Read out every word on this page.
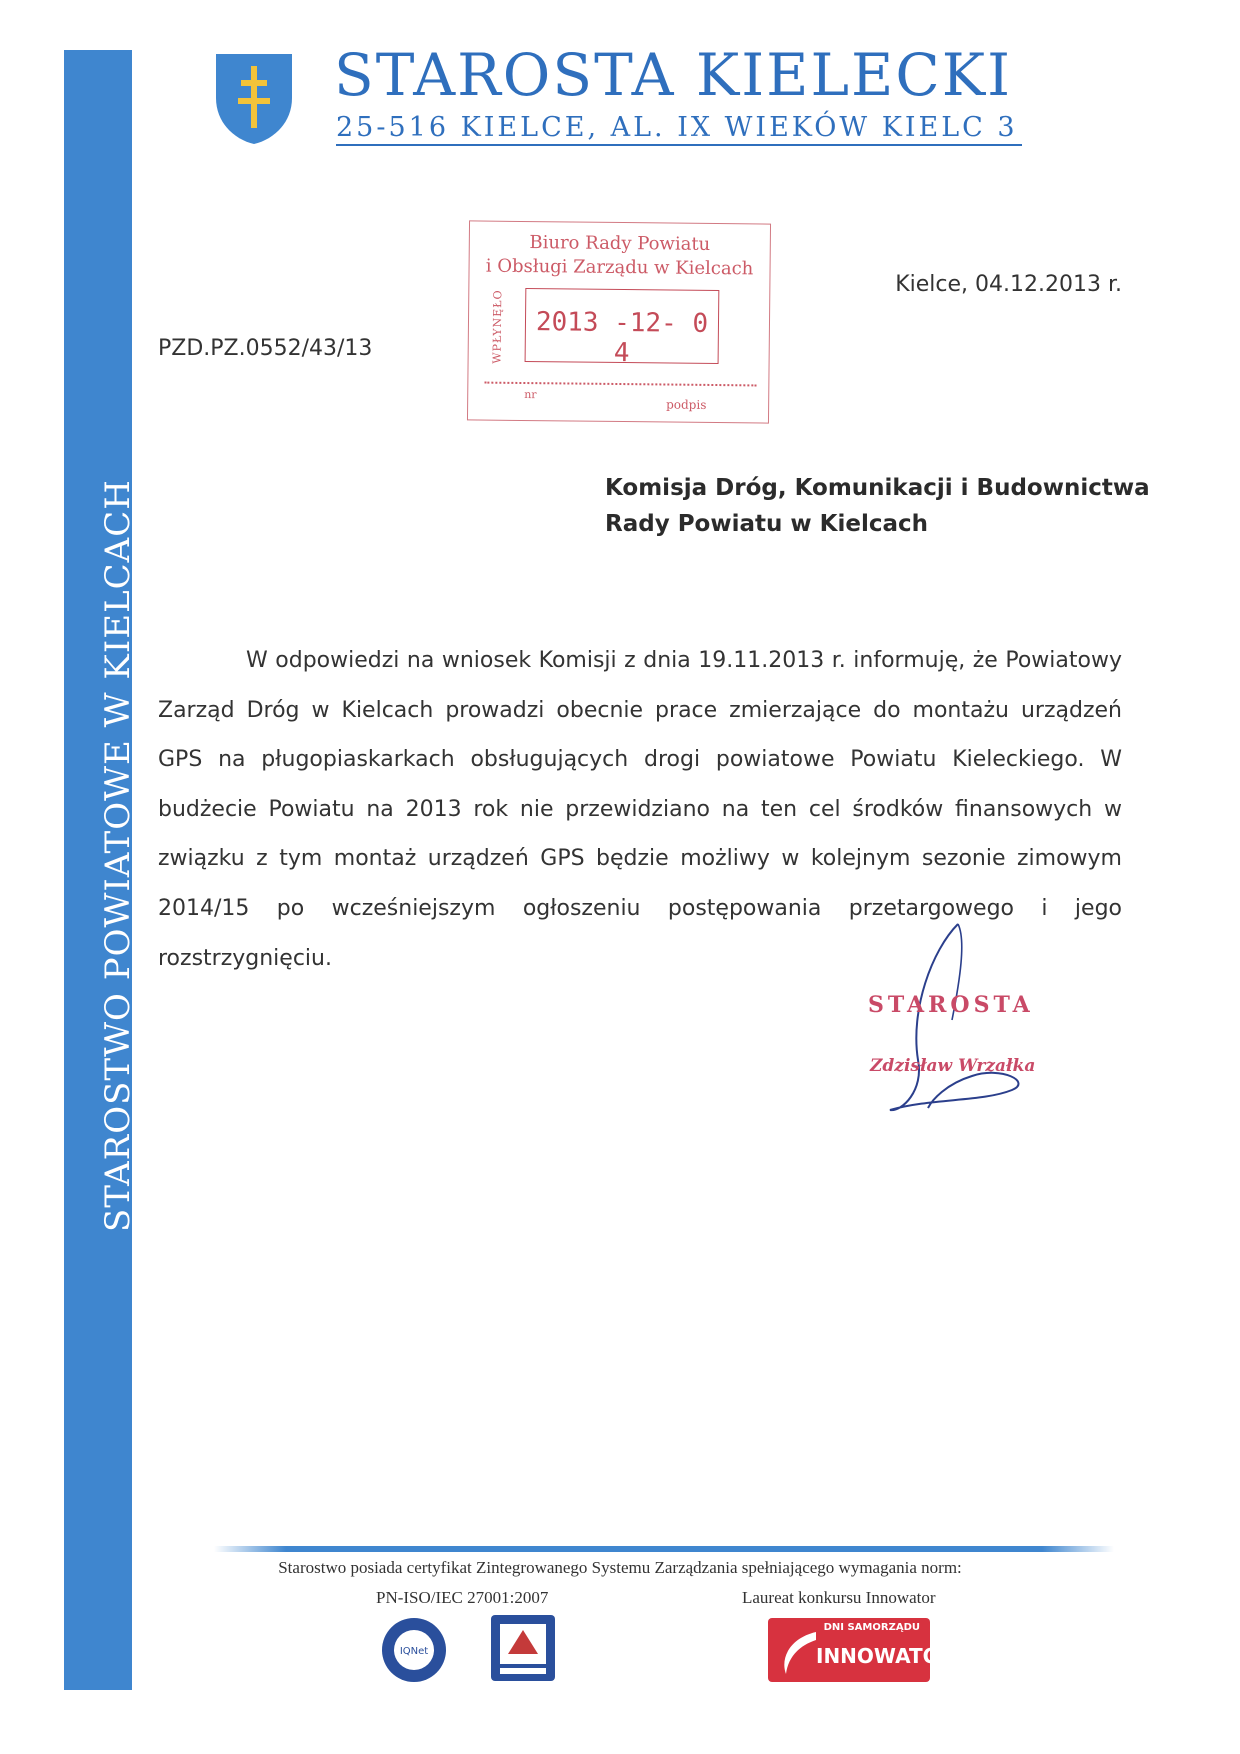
STAROSTWO POWIATOWE W KIELCACH Telefony: (41)344-54-29, (41)342-13-07 fax: (41)344-28-25 e-mail: kancelaria@powiat.kielce.pl
STAROSTA KIELECKI
25-516 KIELCE, AL. IX WIEKÓW KIELC 3
Biuro Rady Powiatu
i Obsługi Zarządu w Kielcach
WPŁYNĘŁO	2013 -12- 0 4
nr
podpis
Kielce, 04.12.2013 r.
PZD.PZ.0552/43/13
Komisja Dróg, Komunikacji i Budownictwa
Rady Powiatu w Kielcach

W odpowiedzi na wniosek Komisji z dnia 19.11.2013 r. informuję, że Powiatowy Zarząd Dróg w Kielcach prowadzi obecnie prace zmierzające do montażu urządzeń GPS na pługopiaskarkach obsługujących drogi powiatowe Powiatu Kieleckiego. W budżecie Powiatu na 2013 rok nie przewidziano na ten cel środków finansowych w związku z tym montaż urządzeń GPS będzie możliwy w kolejnym sezonie zimowym 2014/15 po wcześniejszym ogłoszeniu postępowania przetargowego i jego rozstrzygnięciu.

STAROSTA
Zdzisław Wrzałka
Starostwo posiada certyfikat Zintegrowanego Systemu Zarządzania spełniającego wymagania norm:
PN-ISO/IEC 27001:2007	Laureat konkursu Innowator
IQNet
DNI SAMORZĄDU
INNOWATOR
